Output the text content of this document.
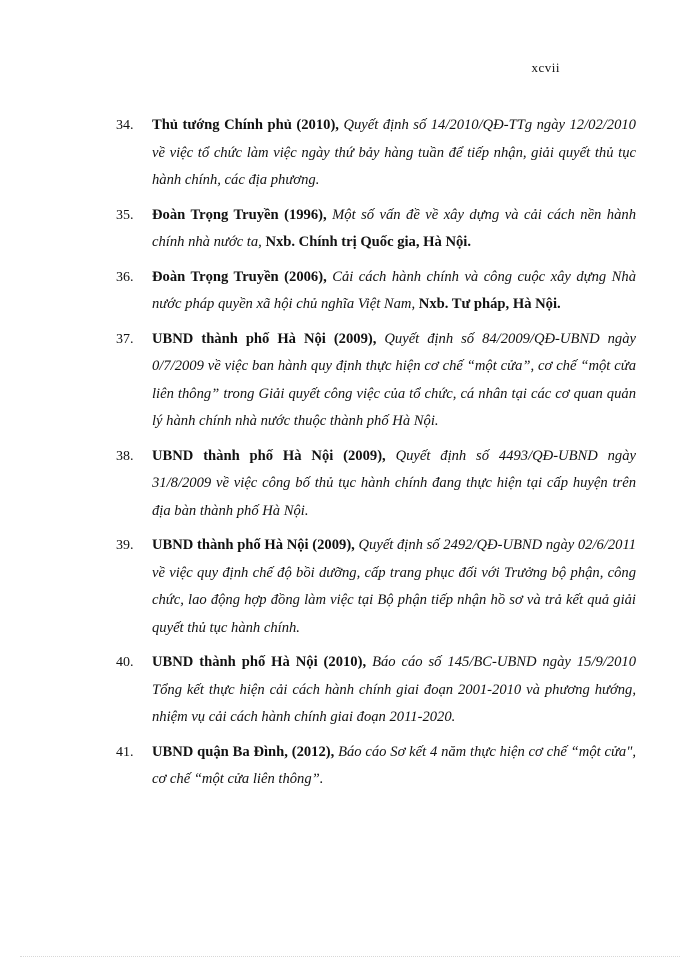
xcvii
34. Thủ tướng Chính phủ (2010), Quyết định số 14/2010/QĐ-TTg ngày 12/02/2010 về việc tổ chức làm việc ngày thứ bảy hàng tuần để tiếp nhận, giải quyết thủ tục hành chính, các địa phương.
35. Đoàn Trọng Truyền (1996), Một số vấn đề về xây dựng và cải cách nền hành chính nhà nước ta, Nxb. Chính trị Quốc gia, Hà Nội.
36. Đoàn Trọng Truyền (2006), Cải cách hành chính và công cuộc xây dựng Nhà nước pháp quyền xã hội chủ nghĩa Việt Nam, Nxb. Tư pháp, Hà Nội.
37. UBND thành phố Hà Nội (2009), Quyết định số 84/2009/QĐ-UBND ngày 0/7/2009 về việc ban hành quy định thực hiện cơ chế “một cửa”, cơ chế “một cửa liên thông” trong Giải quyết công việc của tổ chức, cá nhân tại các cơ quan quản lý hành chính nhà nước thuộc thành phố Hà Nội.
38. UBND thành phố Hà Nội (2009), Quyết định số 4493/QĐ-UBND ngày 31/8/2009 về việc công bố thủ tục hành chính đang thực hiện tại cấp huyện trên địa bàn thành phố Hà Nội.
39. UBND thành phố Hà Nội (2009), Quyết định số 2492/QĐ-UBND ngày 02/6/2011 về việc quy định chế độ bồi dưỡng, cấp trang phục đối với Trưởng bộ phận, công chức, lao động hợp đồng làm việc tại Bộ phận tiếp nhận hồ sơ và trả kết quả giải quyết thủ tục hành chính.
40. UBND thành phố Hà Nội (2010), Báo cáo số 145/BC-UBND ngày 15/9/2010 Tổng kết thực hiện cải cách hành chính giai đoạn 2001-2010 và phương hướng, nhiệm vụ cải cách hành chính giai đoạn 2011-2020.
41. UBND quận Ba Đình, (2012), Báo cáo Sơ kết 4 năm thực hiện cơ chế “một cửa", cơ chế “một cửa liên thông”.
